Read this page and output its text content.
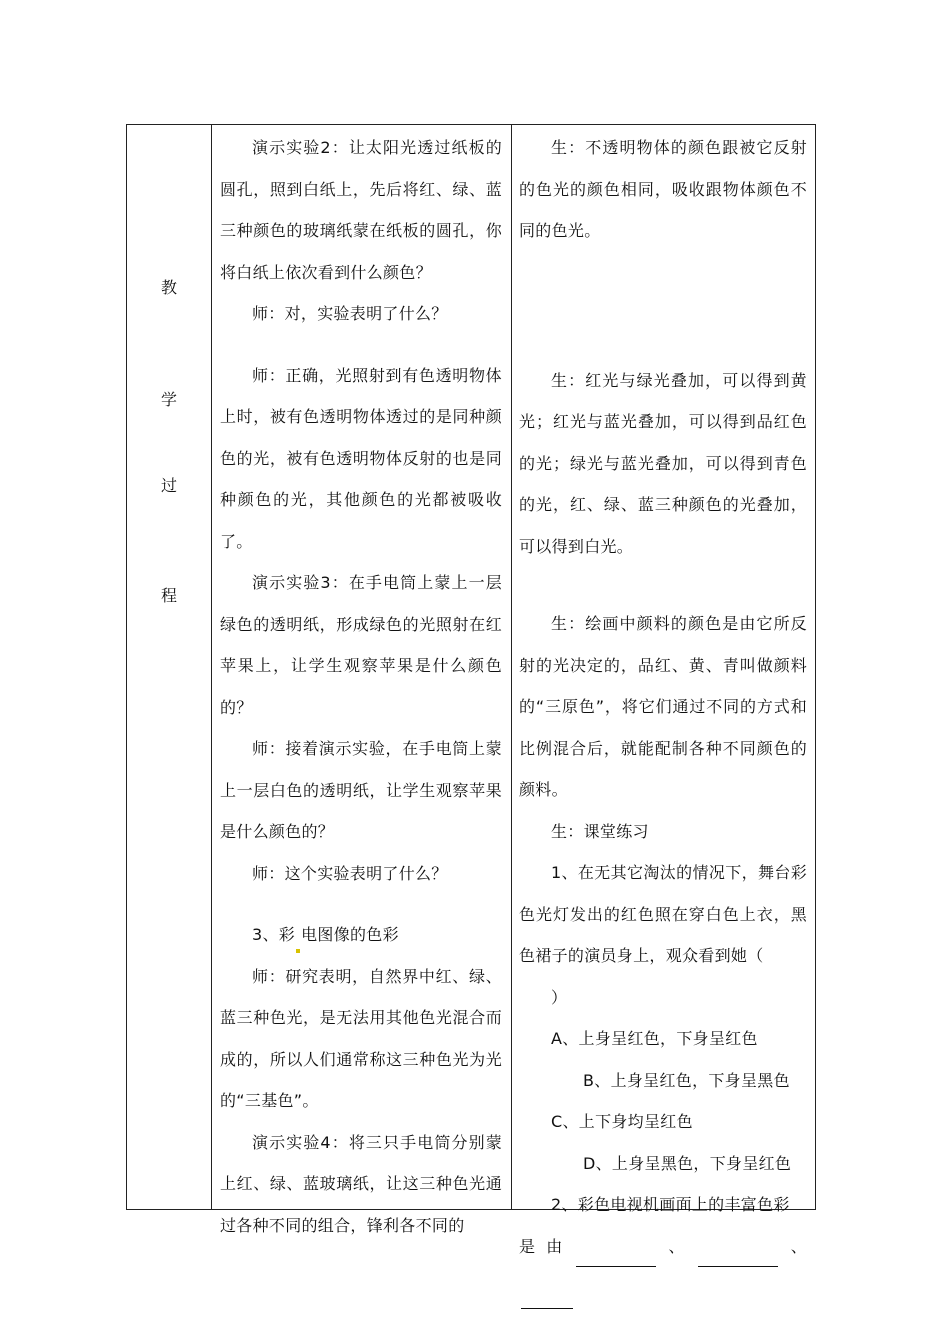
教
学
过
程

演示实验2：让太阳光透过纸板的圆孔，照到白纸上，先后将红、绿、蓝三种颜色的玻璃纸蒙在纸板的圆孔，你将白纸上依次看到什么颜色？

师：对，实验表明了什么？

师：正确，光照射到有色透明物体上时，被有色透明物体透过的是同种颜色的光，被有色透明物体反射的也是同种颜色的光，其他颜色的光都被吸收了。

演示实验3：在手电筒上蒙上一层绿色的透明纸，形成绿色的光照射在红苹果上，让学生观察苹果是什么颜色的？

师：接着演示实验，在手电筒上蒙上一层白色的透明纸，让学生观察苹果是什么颜色的？

师：这个实验表明了什么？

3、彩 电图像的色彩

师：研究表明，自然界中红、绿、蓝三种色光，是无法用其他色光混合而成的，所以人们通常称这三种色光为光的“三基色”。

演示实验4：将三只手电筒分别蒙上红、绿、蓝玻璃纸，让这三种色光通过各种不同的组合，锋利各不同的

生：不透明物体的颜色跟被它反射的色光的颜色相同，吸收跟物体颜色不同的色光。

生：红光与绿光叠加，可以得到黄光；红光与蓝光叠加，可以得到品红色的光；绿光与蓝光叠加，可以得到青色的光，红、绿、蓝三种颜色的光叠加，可以得到白光。

生：绘画中颜料的颜色是由它所反射的光决定的，品红、黄、青叫做颜料的“三原色”，将它们通过不同的方式和比例混合后，就能配制各种不同颜色的颜料。

生：课堂练习

1、在无其它淘汰的情况下，舞台彩色光灯发出的红色照在穿白色上衣，黑色裙子的演员身上，观众看到她（

）

A、上身呈红色，下身呈红色

B、上身呈红色，下身呈黑色

C、上下身均呈红色

D、上身呈黑色，下身呈红色

2、彩色电视机画面上的丰富色彩

是由	、	、
